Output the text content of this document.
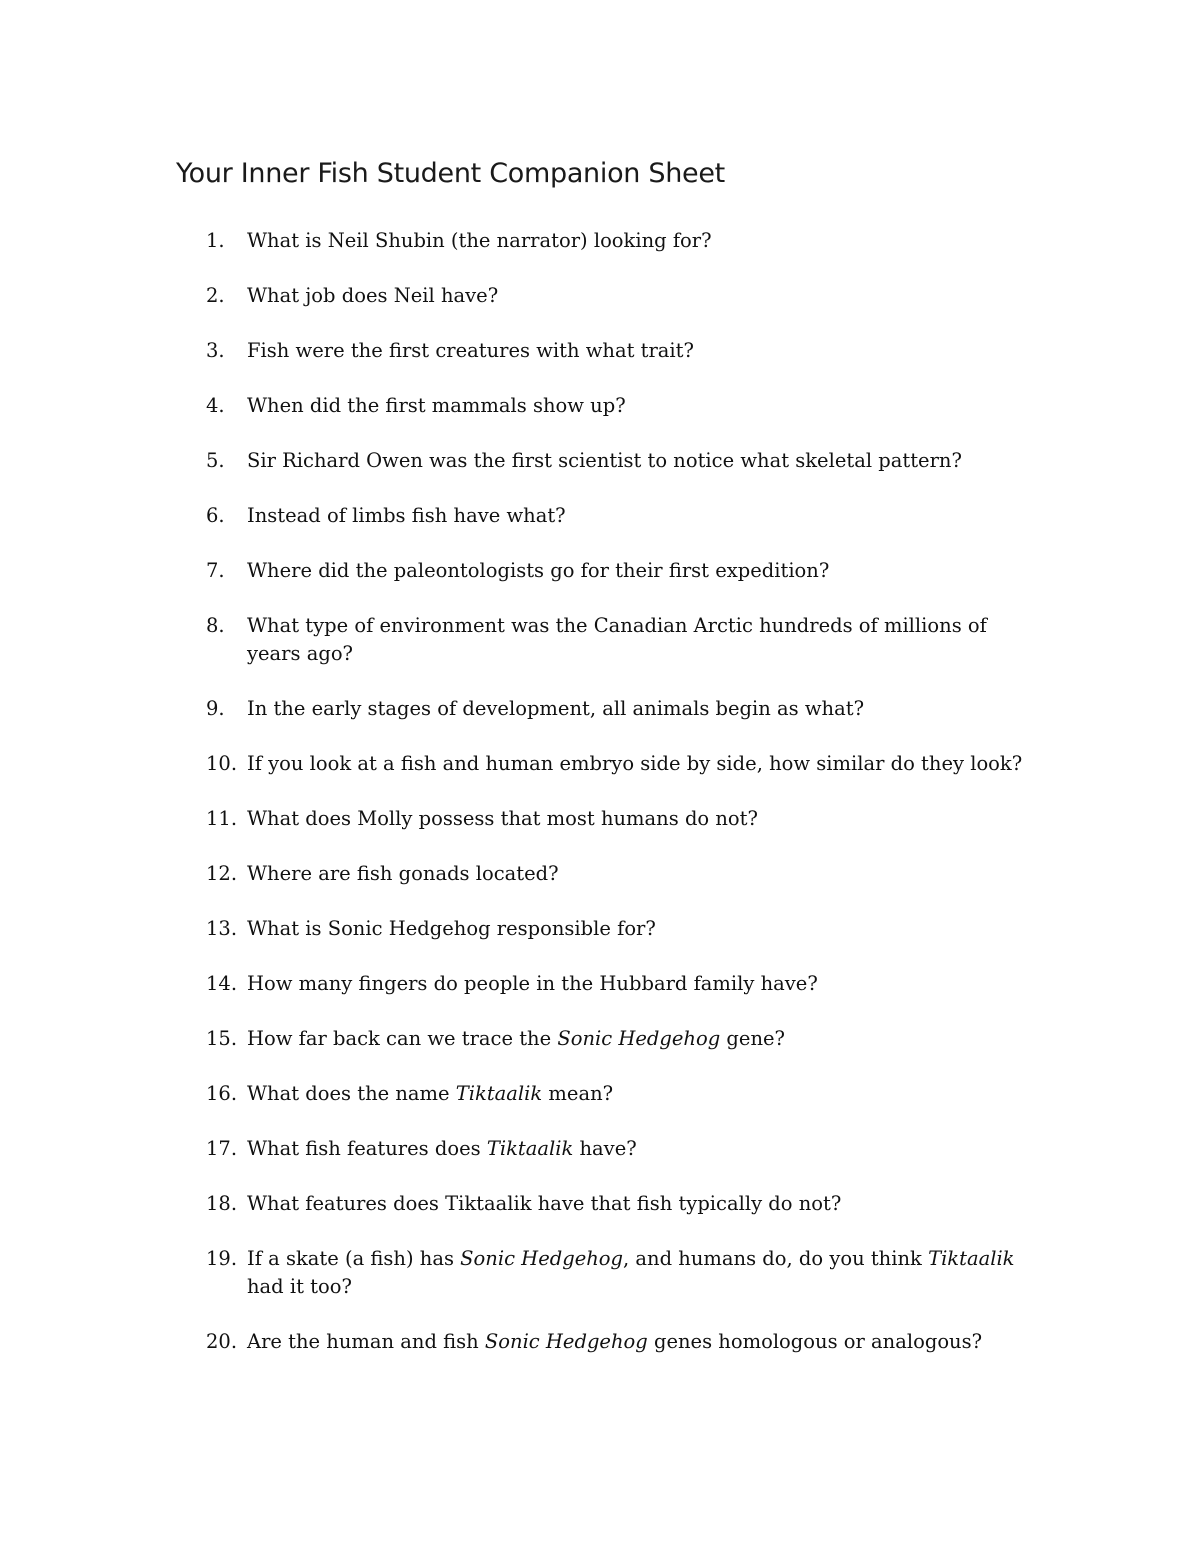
Your Inner Fish Student Companion Sheet
1.	What is Neil Shubin (the narrator) looking for?
2.	What job does Neil have?
3.	Fish were the first creatures with what trait?
4.	When did the first mammals show up?
5.	Sir Richard Owen was the first scientist to notice what skeletal pattern?
6.	Instead of limbs fish have what?
7.	Where did the paleontologists go for their first expedition?
8.	What type of environment was the Canadian Arctic hundreds of millions of years ago?
9.	In the early stages of development, all animals begin as what?
10. If you look at a fish and human embryo side by side, how similar do they look?
11. What does Molly possess that most humans do not?
12. Where are fish gonads located?
13. What is Sonic Hedgehog responsible for?
14. How many fingers do people in the Hubbard family have?
15. How far back can we trace the Sonic Hedgehog gene?
16. What does the name Tiktaalik mean?
17. What fish features does Tiktaalik have?
18. What features does Tiktaalik have that fish typically do not?
19. If a skate (a fish) has Sonic Hedgehog, and humans do, do you think Tiktaalik had it too?
20. Are the human and fish Sonic Hedgehog genes homologous or analogous?
